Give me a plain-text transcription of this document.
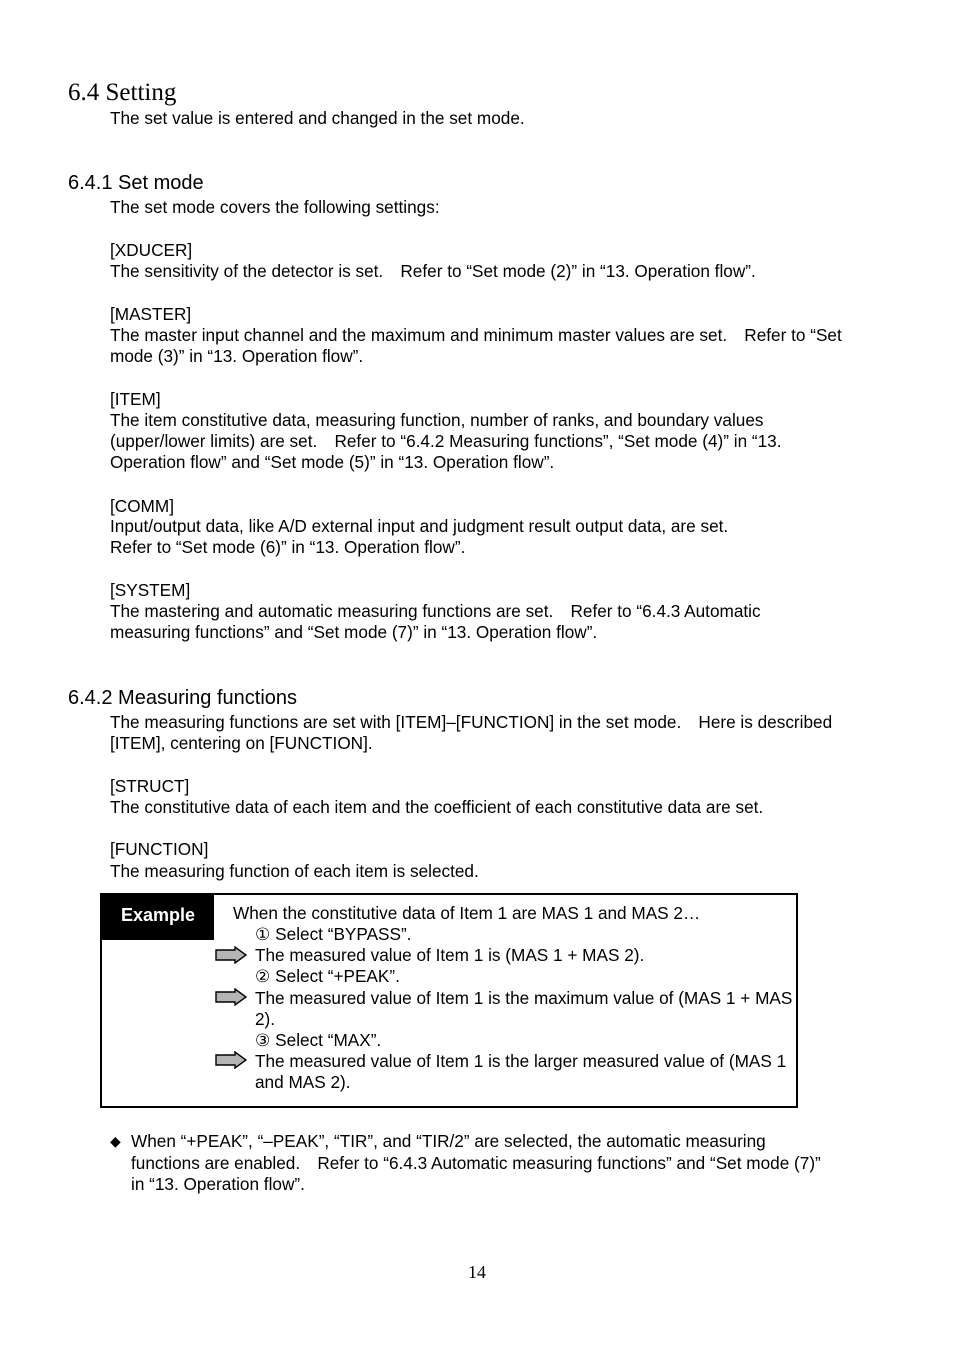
6.4 Setting
The set value is entered and changed in the set mode.
6.4.1 Set mode
The set mode covers the following settings:
[XDUCER]
The sensitivity of the detector is set.　Refer to “Set mode (2)” in “13. Operation flow”.
[MASTER]
The master input channel and the maximum and minimum master values are set.　Refer to “Set mode (3)” in “13. Operation flow”.
[ITEM]
The item constitutive data, measuring function, number of ranks, and boundary values (upper/lower limits) are set.　Refer to “6.4.2 Measuring functions”, “Set mode (4)” in “13. Operation flow” and “Set mode (5)” in “13. Operation flow”.
[COMM]
Input/output data, like A/D external input and judgment result output data, are set.
Refer to “Set mode (6)” in “13. Operation flow”.
[SYSTEM]
The mastering and automatic measuring functions are set.　Refer to “6.4.3 Automatic measuring functions” and “Set mode (7)” in “13. Operation flow”.
6.4.2 Measuring functions
The measuring functions are set with [ITEM]–[FUNCTION] in the set mode.　Here is described [ITEM], centering on [FUNCTION].
[STRUCT]
The constitutive data of each item and the coefficient of each constitutive data are set.
[FUNCTION]
The measuring function of each item is selected.
Example	When the constitutive data of Item 1 are MAS 1 and MAS 2…
① Select “BYPASS”.
The measured value of Item 1 is (MAS 1 + MAS 2).
② Select “+PEAK”.
The measured value of Item 1 is the maximum value of (MAS 1 + MAS 2).
③ Select “MAX”.
The measured value of Item 1 is the larger measured value of (MAS 1 and MAS 2).
◆ When “+PEAK”, “–PEAK”, “TIR”, and “TIR/2” are selected, the automatic measuring functions are enabled.　Refer to “6.4.3 Automatic measuring functions” and “Set mode (7)” in “13. Operation flow”.
14
